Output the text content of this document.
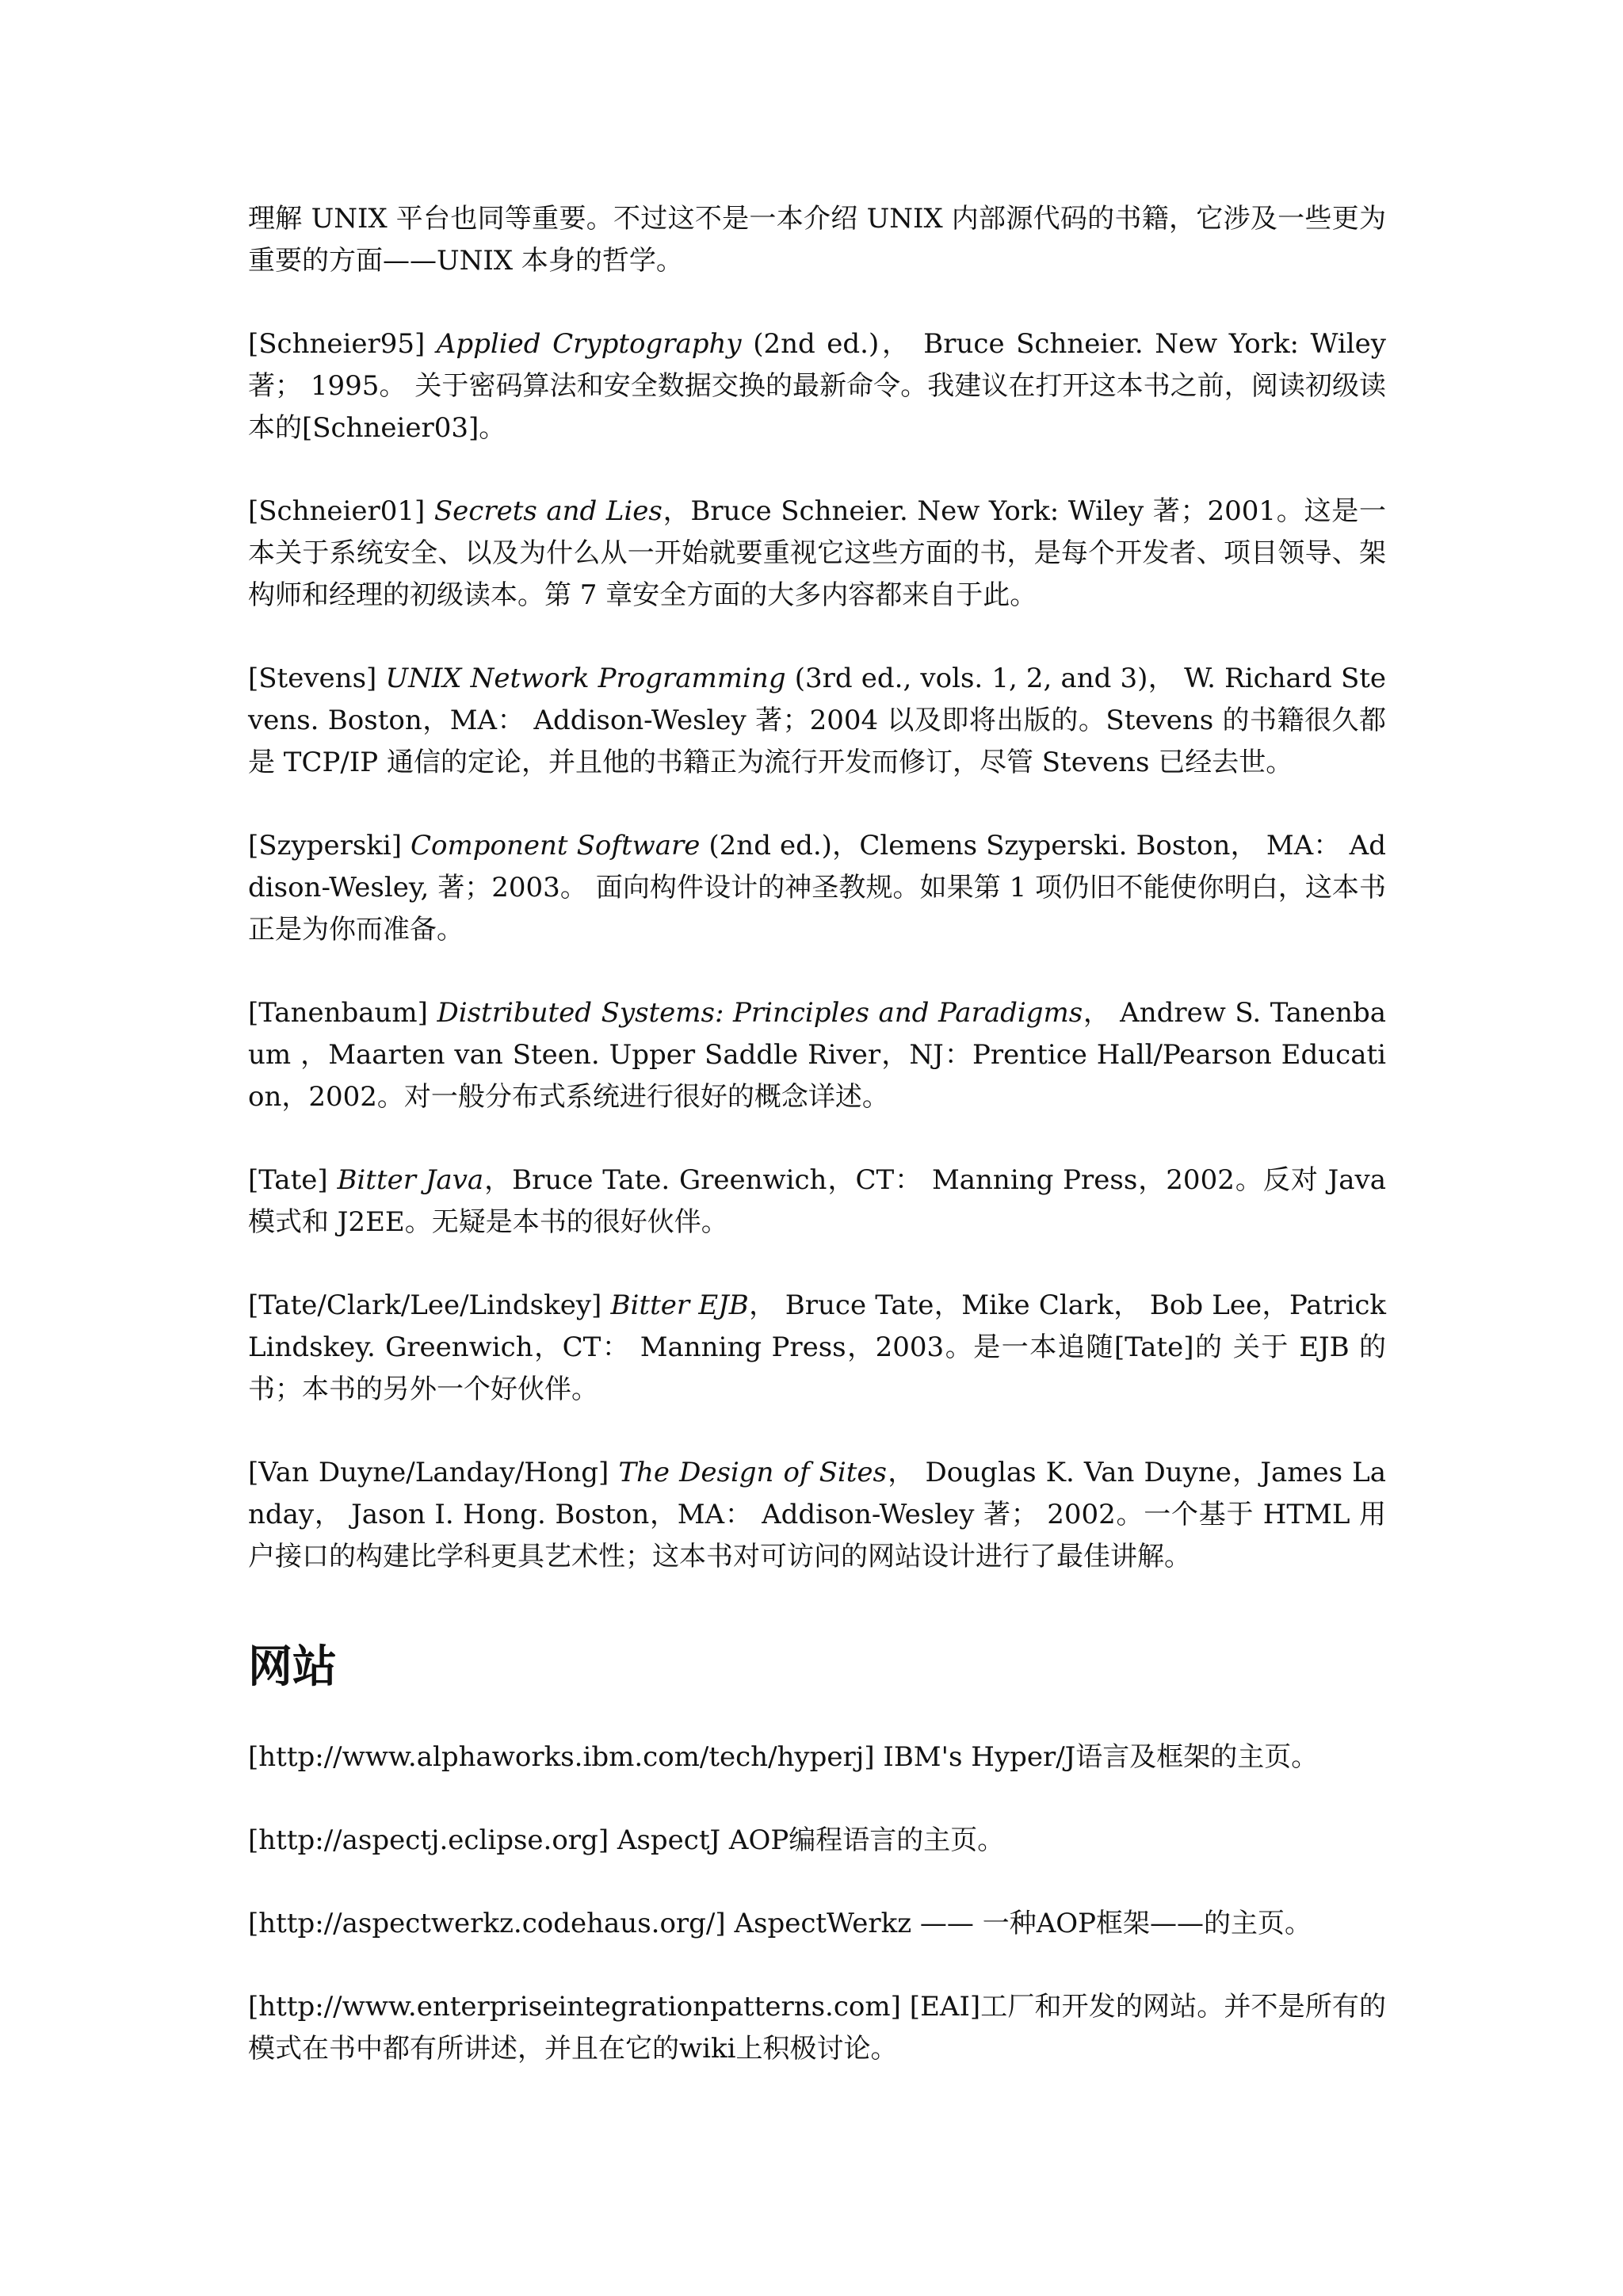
理解 UNIX 平台也同等重要。不过这不是一本介绍 UNIX 内部源代码的书籍，它涉及一些更为重要的方面——UNIX 本身的哲学。

[Schneier95] Applied Cryptography (2nd ed.)， Bruce Schneier. New York: Wiley 著； 1995。 关于密码算法和安全数据交换的最新命令。我建议在打开这本书之前，阅读初级读本的[Schneier03]。

[Schneier01] Secrets and Lies，Bruce Schneier. New York: Wiley 著；2001。这是一本关于系统安全、以及为什么从一开始就要重视它这些方面的书，是每个开发者、项目领导、架构师和经理的初级读本。第 7 章安全方面的大多内容都来自于此。

[Stevens] UNIX Network Programming (3rd ed., vols. 1, 2, and 3)， W. Richard Stevens. Boston，MA： Addison-Wesley 著；2004 以及即将出版的。Stevens 的书籍很久都是 TCP/IP 通信的定论，并且他的书籍正为流行开发而修订，尽管 Stevens 已经去世。

[Szyperski] Component Software (2nd ed.)，Clemens Szyperski. Boston， MA： Addison-Wesley, 著；2003。 面向构件设计的神圣教规。如果第 1 项仍旧不能使你明白，这本书正是为你而准备。

[Tanenbaum] Distributed Systems: Principles and Paradigms， Andrew S. Tanenbaum ，Maarten van Steen. Upper Saddle River，NJ：Prentice Hall/Pearson Education，2002。对一般分布式系统进行很好的概念详述。

[Tate] Bitter Java，Bruce Tate. Greenwich，CT： Manning Press，2002。反对 Java 模式和 J2EE。无疑是本书的很好伙伴。

[Tate/Clark/Lee/Lindskey] Bitter EJB， Bruce Tate，Mike Clark， Bob Lee，Patrick Lindskey. Greenwich，CT： Manning Press，2003。是一本追随[Tate]的 关于 EJB 的书；本书的另外一个好伙伴。

[Van Duyne/Landay/Hong] The Design of Sites， Douglas K. Van Duyne，James Landay， Jason I. Hong. Boston，MA： Addison-Wesley 著； 2002。一个基于 HTML 用户接口的构建比学科更具艺术性；这本书对可访问的网站设计进行了最佳讲解。

网站

[http://www.alphaworks.ibm.com/tech/hyperj] IBM's Hyper/J语言及框架的主页。

[http://aspectj.eclipse.org] AspectJ AOP编程语言的主页。

[http://aspectwerkz.codehaus.org/] AspectWerkz —— 一种AOP框架——的主页。

[http://www.enterpriseintegrationpatterns.com] [EAI]工厂和开发的网站。并不是所有的模式在书中都有所讲述，并且在它的wiki上积极讨论。
